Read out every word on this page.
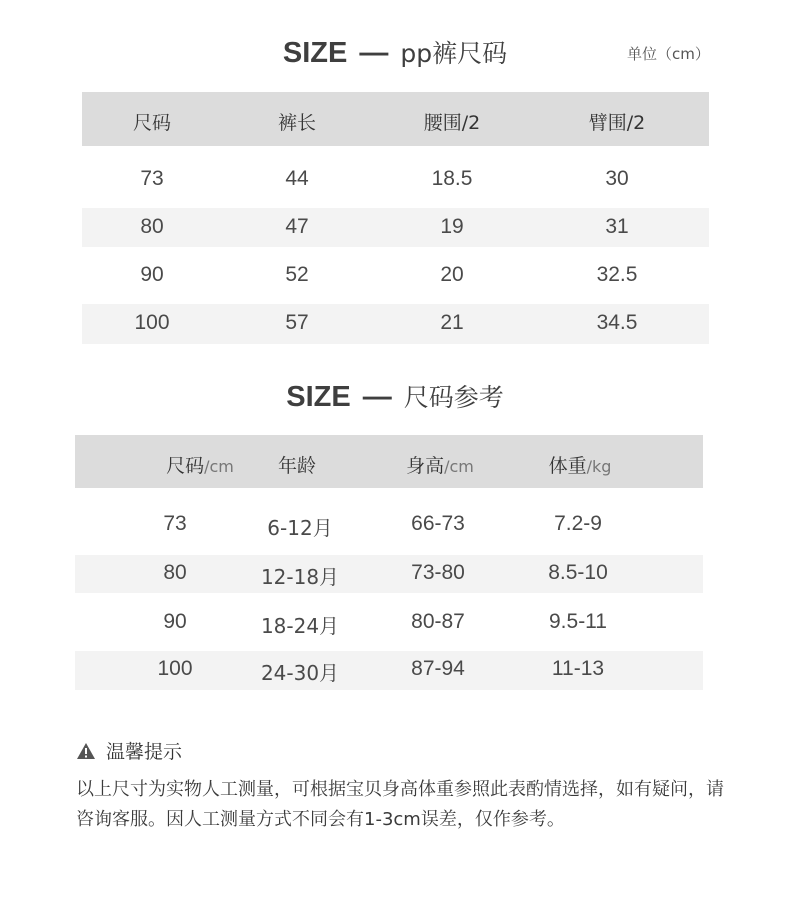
SIZE — pp裤尺码	单位（cm）
尺码	裤长	腰围/2	臂围/2
73	44	18.5	30
80	47	19	31
90	52	20	32.5
100	57	21	34.5
SIZE — 尺码参考
尺码/cm	年龄	身高/cm	体重/kg
73	6-12月	66-73	7.2-9
80	12-18月	73-80	8.5-10
90	18-24月	80-87	9.5-11
100	24-30月	87-94	11-13
温馨提示
以上尺寸为实物人工测量，可根据宝贝身高体重参照此表酌情选择，如有疑问，请咨询客服。因人工测量方式不同会有1-3cm误差，仅作参考。
